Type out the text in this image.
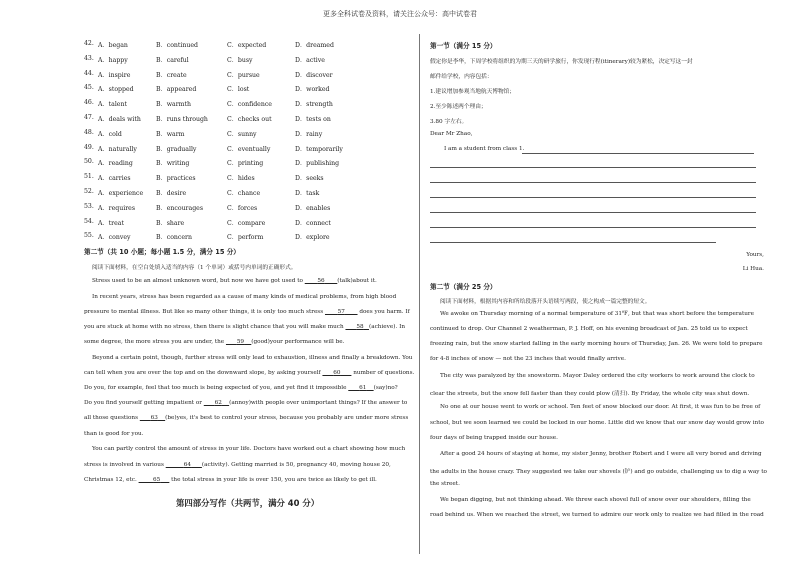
更多全科试卷及资料，请关注公众号：高中试卷君
42. A．began	B．continued	C．expected	D．dreamed
43. A．happy	B．careful	C．busy	D．active
44. A．inspire	B．create	C．pursue	D．discover
45. A．stopped	B．appeared	C．lost	D．worked
46. A．talent	B．warmth	C．confidence	D．strength
47. A．deals with B．runs through	C．checks out	D．tests on
48. A．cold	B．warm	C．sunny	D．rainy
49. A．naturally	B．gradually	C．eventually	D．temporarily
50. A．reading	B．writing	C．printing	D．publishing
51. A．carries	B．practices	C．hides	D．seeks
52. A．experience B．desire	C．chance	D．task
53. A．requires	B．encourages	C．forces	D．enables
54. A．treat	B．share	C．compare	D．connect
55. A．convey	B．concern	C．perform	D．explore
第二节（共 10 小题；每小题 1.5 分，满分 15 分）
阅读下面材料，在空白处填入适当的内容（1 个单词）或括号内单词的正确形式。
Stress used to be an almost unknown word, but now we have got used to        56 (talk)about it.
In recent years, stress has been regarded as a cause of many kinds of medical problems, from high blood
pressure to mental illness. But like so many other things, it is only too much stress        57        does you harm. If
you are stuck at home with no stress, then there is slight chance that you will make much       58 (achieve). In
some degree, the more stress you are under, the       59 (good)your performance will be.
Beyond a certain point, though, further stress will only lead to exhaustion, illness and finally a breakdown. You
can tell when you are over the top and on the downward slope, by asking yourself       60       number of questions.
Do you, for example, feel that too much is being expected of you, and yet find it impossible       61 (say)no?
Do you find yourself getting impatient or       62 (annoy)with people over unimportant things? If the answer to
all those questions       63 (be)yes, it's best to control your stress, because you probably are under more stress
than is good for you.
You can partly control the amount of stress in your life. Doctors have worked out a chart showing how much
stress is involved in various	64 (activity). Getting married is 50, pregnancy 40, moving house 20,
Christmas 12, etc.	65      the total stress in your life is over 150, you are twice as likely to get ill.
第四部分写作（共两节，满分 40 分）
第一节（满分 15 分）
假定你是李华，下周学校将组织的为期三天的研学旅行，你发现行程(itinerary)较为紧松，决定写这一封
邮件给学校，内容包括：
1.建议增加参观当地航天博物馆；
2.至少陈述两个理由；
3.80 字左右。
Dear Mr Zhao,
I am a student from class 1.
Yours,
Li Hua.
第二节（满分 25 分）
阅读下面材料，根据其内容和所给段落开头语续写两段，使之构成一篇完整的短文。
We awoke on Thursday morning of a normal temperature of 31℉, but that was short before the temperature
continued to drop. Our Channel 2 weatherman, P. J. Hoff, on his evening broadcast of Jan. 25 told us to expect
freezing rain, but the snow started falling in the early morning hours of Thursday, Jan. 26. We were told to prepare
for 4-8 inches of snow — not the 23 inches that would finally arrive.
The city was paralyzed by the snowstorm. Mayor Daley ordered the city workers to work around the clock to
clear the streets, but the snow fell faster than they could plow (清扫). By Friday, the whole city was shut down.
No one at our house went to work or school. Ten feet of snow blocked our door. At first, it was fun to be free of
school, but we soon learned we could be locked in our home. Little did we know that our snow day would grow into
four days of being trapped inside our house.
After a good 24 hours of staying at home, my sister Jenny, brother Robert and I were all very bored and driving
the adults in the house crazy. They suggested we take our shovels (铲) and go outside, challenging us to dig a way to
the street.
We began digging, but not thinking ahead. We threw each shovel full of snow over our shoulders, filling the
road behind us. When we reached the street, we turned to admire our work only to realize we had filled in the road
